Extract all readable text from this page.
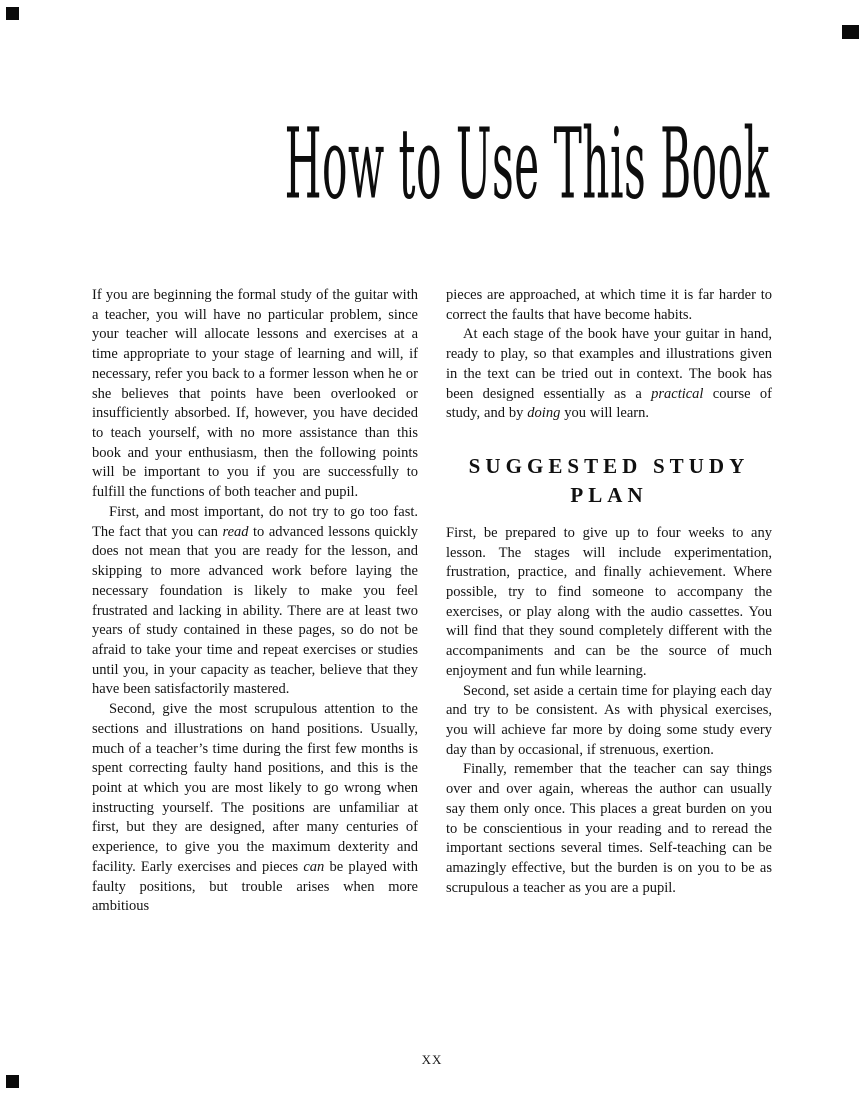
How to Use This Book

If you are beginning the formal study of the guitar with a teacher, you will have no particular problem, since your teacher will allocate lessons and exercises at a time appropriate to your stage of learning and will, if necessary, refer you back to a former lesson when he or she believes that points have been overlooked or insufficiently absorbed. If, however, you have decided to teach yourself, with no more assistance than this book and your enthusiasm, then the following points will be important to you if you are successfully to fulfill the functions of both teacher and pupil.

First, and most important, do not try to go too fast. The fact that you can read to advanced lessons quickly does not mean that you are ready for the lesson, and skipping to more advanced work before laying the necessary foundation is likely to make you feel frustrated and lacking in ability. There are at least two years of study contained in these pages, so do not be afraid to take your time and repeat exercises or studies until you, in your capacity as teacher, believe that they have been satisfactorily mastered.

Second, give the most scrupulous attention to the sections and illustrations on hand positions. Usually, much of a teacher’s time during the first few months is spent correcting faulty hand positions, and this is the point at which you are most likely to go wrong when instructing yourself. The positions are unfamiliar at first, but they are designed, after many centuries of experience, to give you the maximum dexterity and facility. Early exercises and pieces can be played with faulty positions, but trouble arises when more ambitious

pieces are approached, at which time it is far harder to correct the faults that have become habits.

At each stage of the book have your guitar in hand, ready to play, so that examples and illustrations given in the text can be tried out in context. The book has been designed essentially as a practical course of study, and by doing you will learn.

SUGGESTED STUDY PLAN

First, be prepared to give up to four weeks to any lesson. The stages will include experimentation, frustration, practice, and finally achievement. Where possible, try to find someone to accompany the exercises, or play along with the audio cassettes. You will find that they sound completely different with the accompaniments and can be the source of much enjoyment and fun while learning.

Second, set aside a certain time for playing each day and try to be consistent. As with physical exercises, you will achieve far more by doing some study every day than by occasional, if strenuous, exertion.

Finally, remember that the teacher can say things over and over again, whereas the author can usually say them only once. This places a great burden on you to be conscientious in your reading and to reread the important sections several times. Self-teaching can be amazingly effective, but the burden is on you to be as scrupulous a teacher as you are a pupil.

XX
